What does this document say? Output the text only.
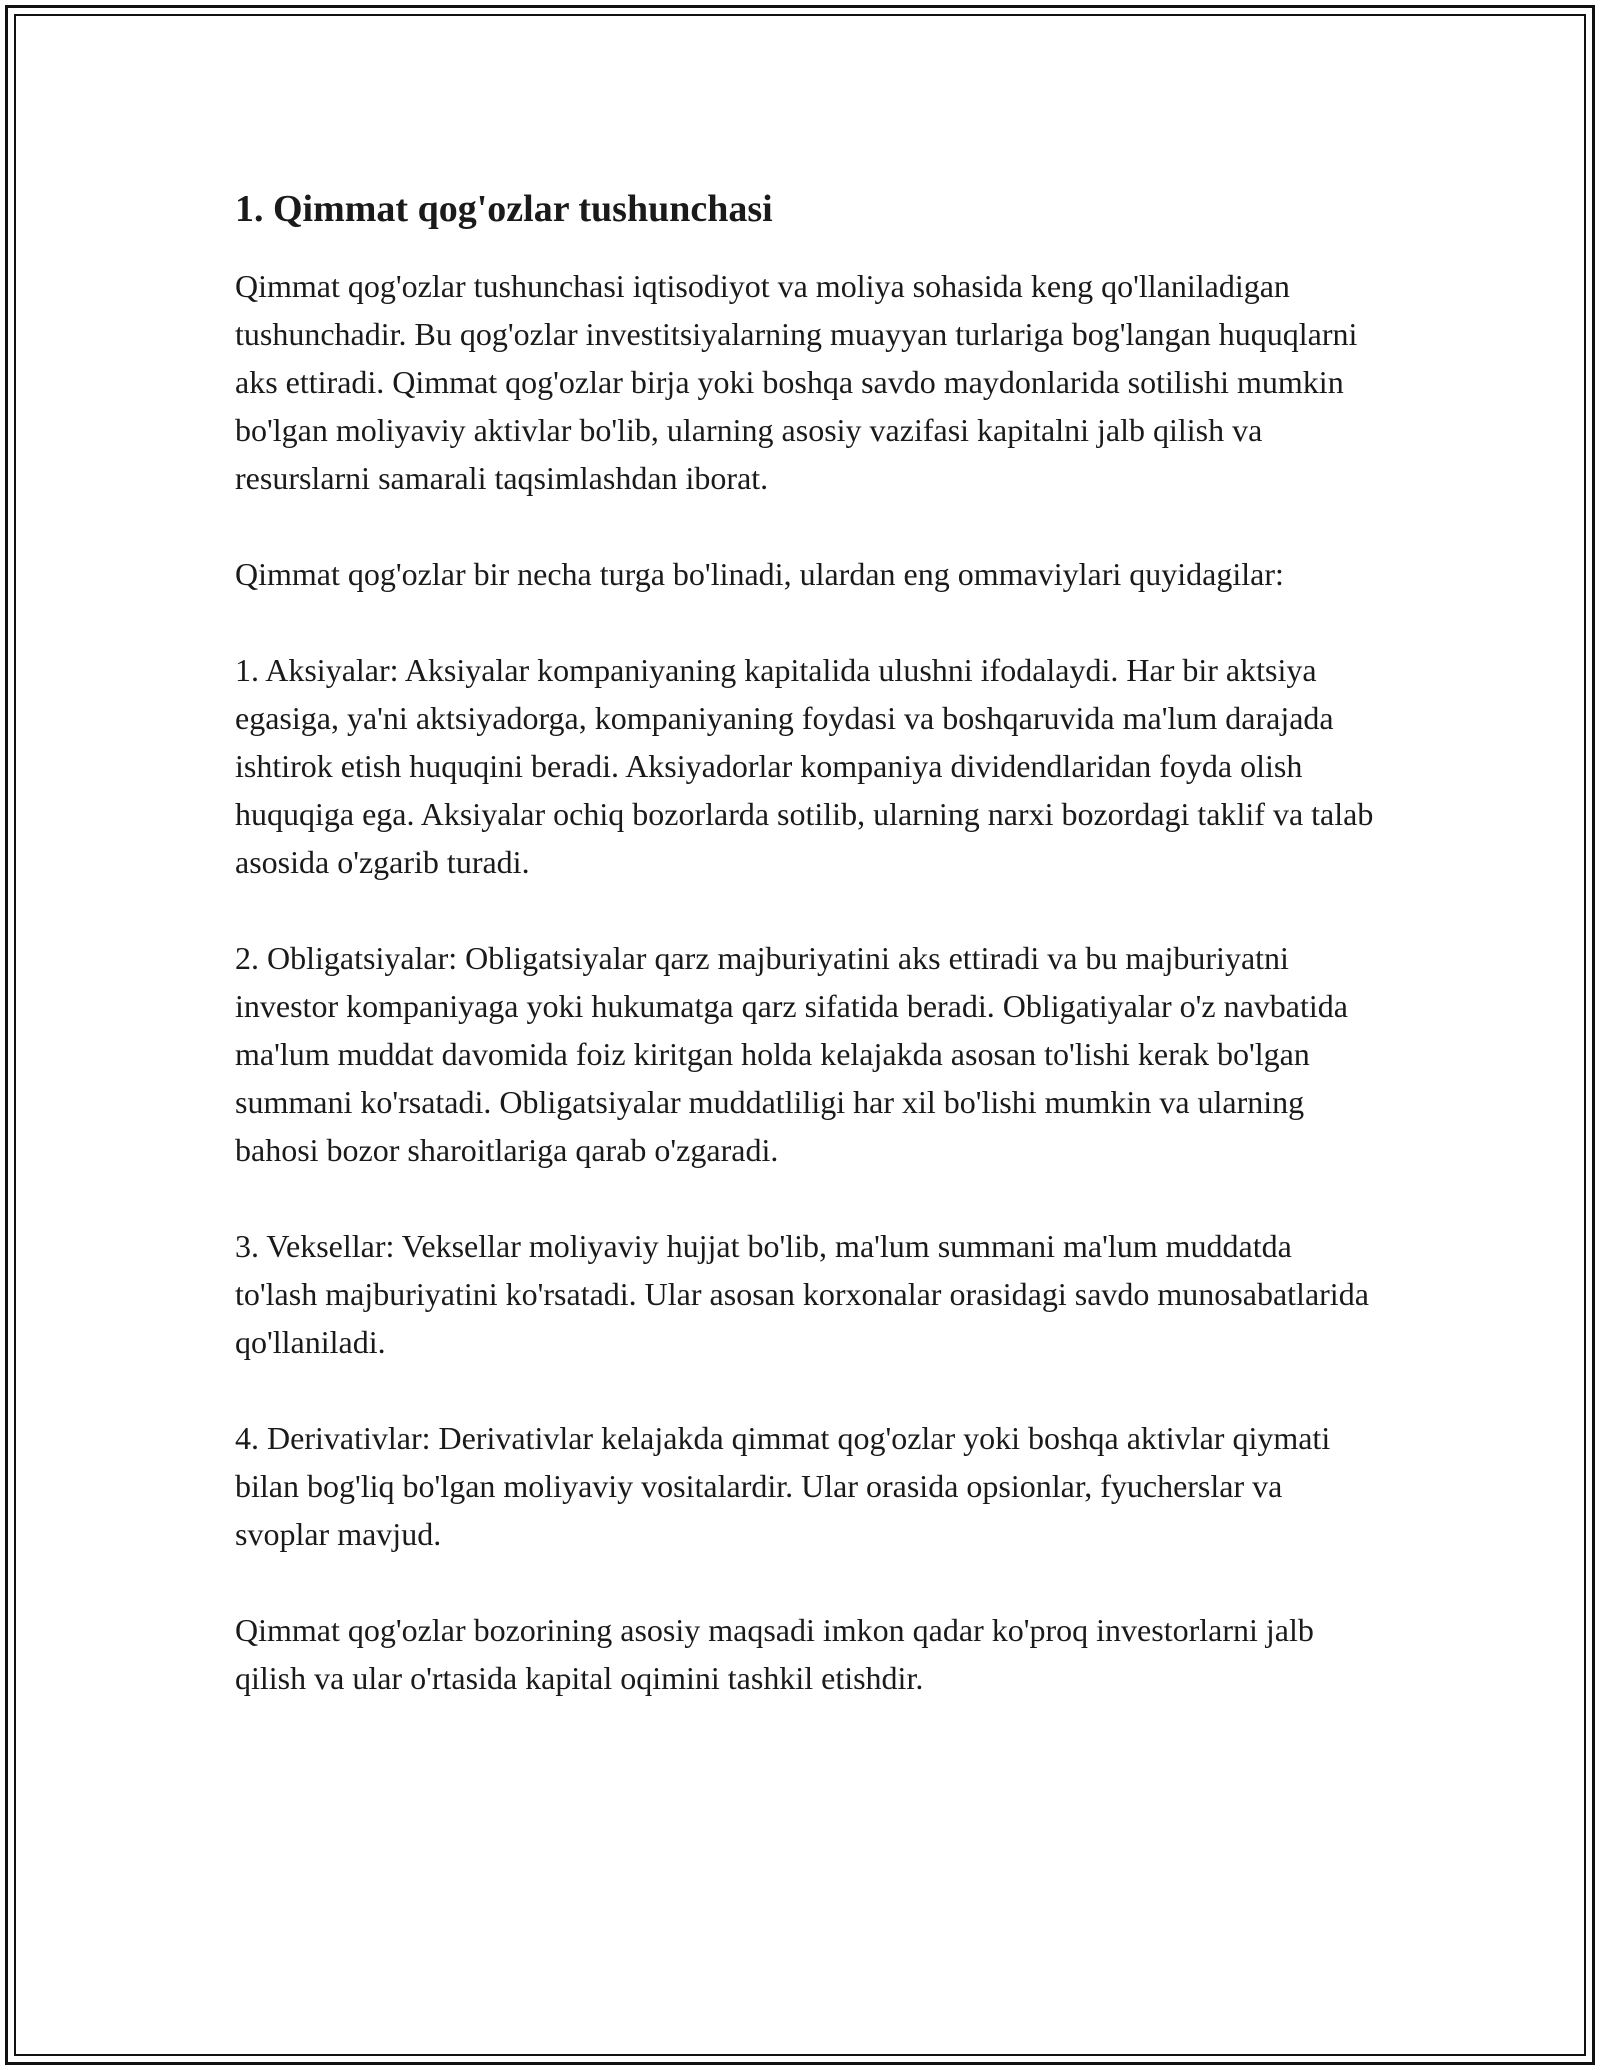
1. Qimmat qog'ozlar tushunchasi

Qimmat qog'ozlar tushunchasi iqtisodiyot va moliya sohasida keng qo'llaniladigan tushunchadir. Bu qog'ozlar investitsiyalarning muayyan turlariga bog'langan huquqlarni aks ettiradi. Qimmat qog'ozlar birja yoki boshqa savdo maydonlarida sotilishi mumkin bo'lgan moliyaviy aktivlar bo'lib, ularning asosiy vazifasi kapitalni jalb qilish va resurslarni samarali taqsimlashdan iborat.

Qimmat qog'ozlar bir necha turga bo'linadi, ulardan eng ommaviylari quyidagilar:

1. Aksiyalar: Aksiyalar kompaniyaning kapitalida ulushni ifodalaydi. Har bir aktsiya egasiga, ya'ni aktsiyadorga, kompaniyaning foydasi va boshqaruvida ma'lum darajada ishtirok etish huquqini beradi. Aksiyadorlar kompaniya dividendlaridan foyda olish huquqiga ega. Aksiyalar ochiq bozorlarda sotilib, ularning narxi bozordagi taklif va talab asosida o'zgarib turadi.

2. Obligatsiyalar: Obligatsiyalar qarz majburiyatini aks ettiradi va bu majburiyatni investor kompaniyaga yoki hukumatga qarz sifatida beradi. Obligatiyalar o'z navbatida ma'lum muddat davomida foiz kiritgan holda kelajakda asosan to'lishi kerak bo'lgan summani ko'rsatadi. Obligatsiyalar muddatliligi har xil bo'lishi mumkin va ularning bahosi bozor sharoitlariga qarab o'zgaradi.

3. Veksellar: Veksellar moliyaviy hujjat bo'lib, ma'lum summani ma'lum muddatda to'lash majburiyatini ko'rsatadi. Ular asosan korxonalar orasidagi savdo munosabatlarida qo'llaniladi.

4. Derivativlar: Derivativlar kelajakda qimmat qog'ozlar yoki boshqa aktivlar qiymati bilan bog'liq bo'lgan moliyaviy vositalardir. Ular orasida opsionlar, fyucherslar va svoplar mavjud.

Qimmat qog'ozlar bozorining asosiy maqsadi imkon qadar ko'proq investorlarni jalb qilish va ular o'rtasida kapital oqimini tashkil etishdir.
